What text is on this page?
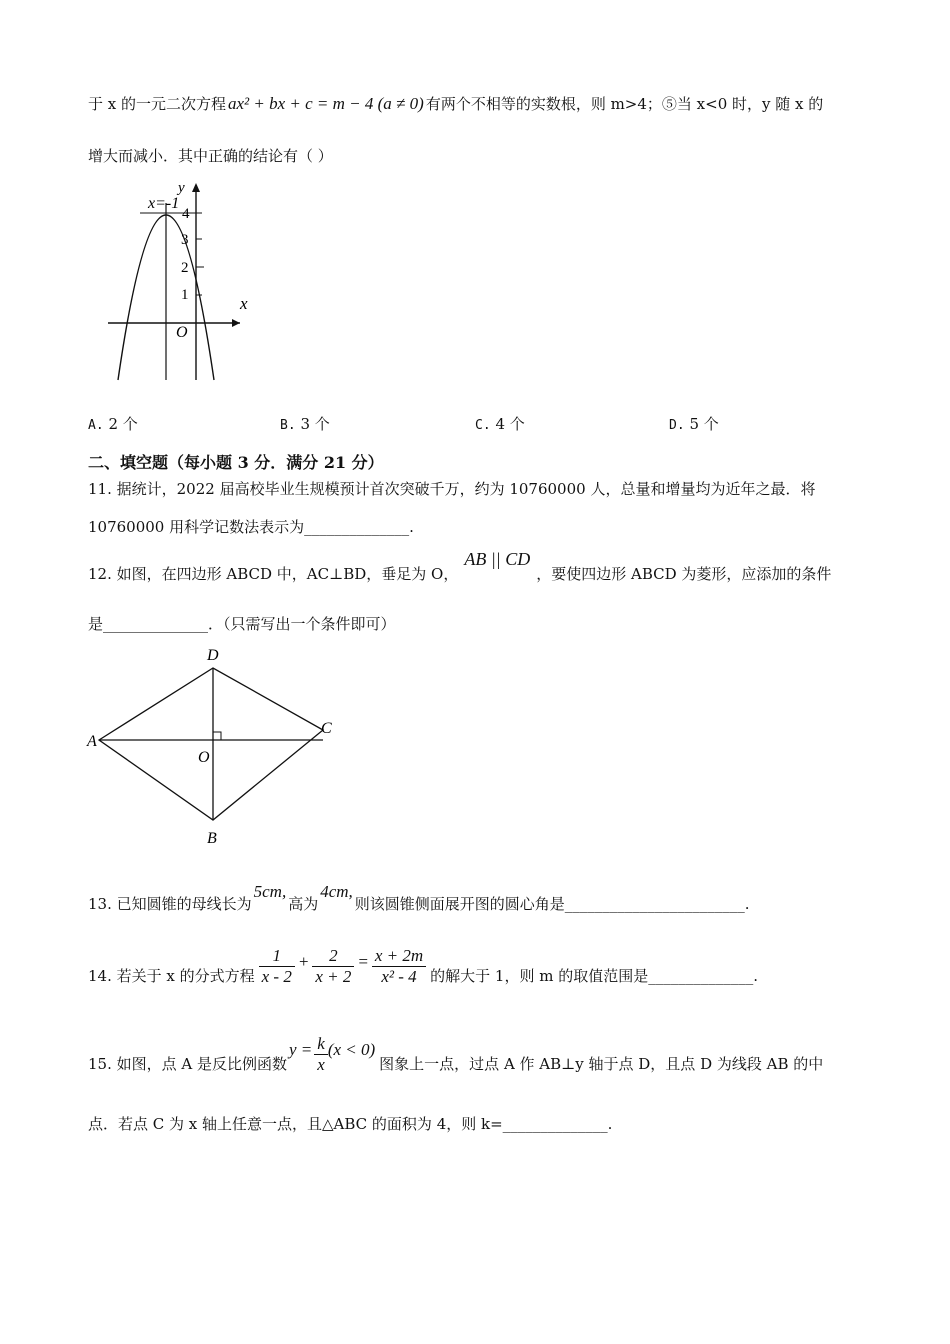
于 x 的一元二次方程 ax² + bx + c = m − 4 (a ≠ 0) 有两个不相等的实数根，则 m>4；⑤当 x<0 时，y 随 x 的
增大而减小．其中正确的结论有（ ）
x=-1
y
x
O
4
3
2
1
A. 2 个	B. 3 个	C. 4 个	D. 5 个
二、填空题（每小题 3 分．满分 21 分）
11. 据统计，2022 届高校毕业生规模预计首次突破千万，约为 10760000 人，总量和增量均为近年之最．将
10760000 用科学记数法表示为______________.
12. 如图，在四边形 ABCD 中，AC⊥BD，垂足为 O，AB || CD，要使四边形 ABCD 为菱形，应添加的条件
是______________．（只需写出一个条件即可）
A
B
C
D
O
13. 已知圆锥的母线长为5cm,高为4cm,则该圆锥侧面展开图的圆心角是________________________.
14. 若关于 x 的分式方程 $\frac{1}{x - 2} + \frac{2}{x + 2} = \frac{x + 2m}{\text{x² - 4}}$ 的解大于 1，则 m 的取值范围是______________.
15. 如图，点 A 是反比例函数
$y = \frac{k}{x} (x < 0)$
图象上一点，过点 A 作 AB⊥y 轴于点 D，且点 D 为线段 AB 的中
点．若点 C 为 x 轴上任意一点，且△ABC 的面积为 4，则 k=______________.
